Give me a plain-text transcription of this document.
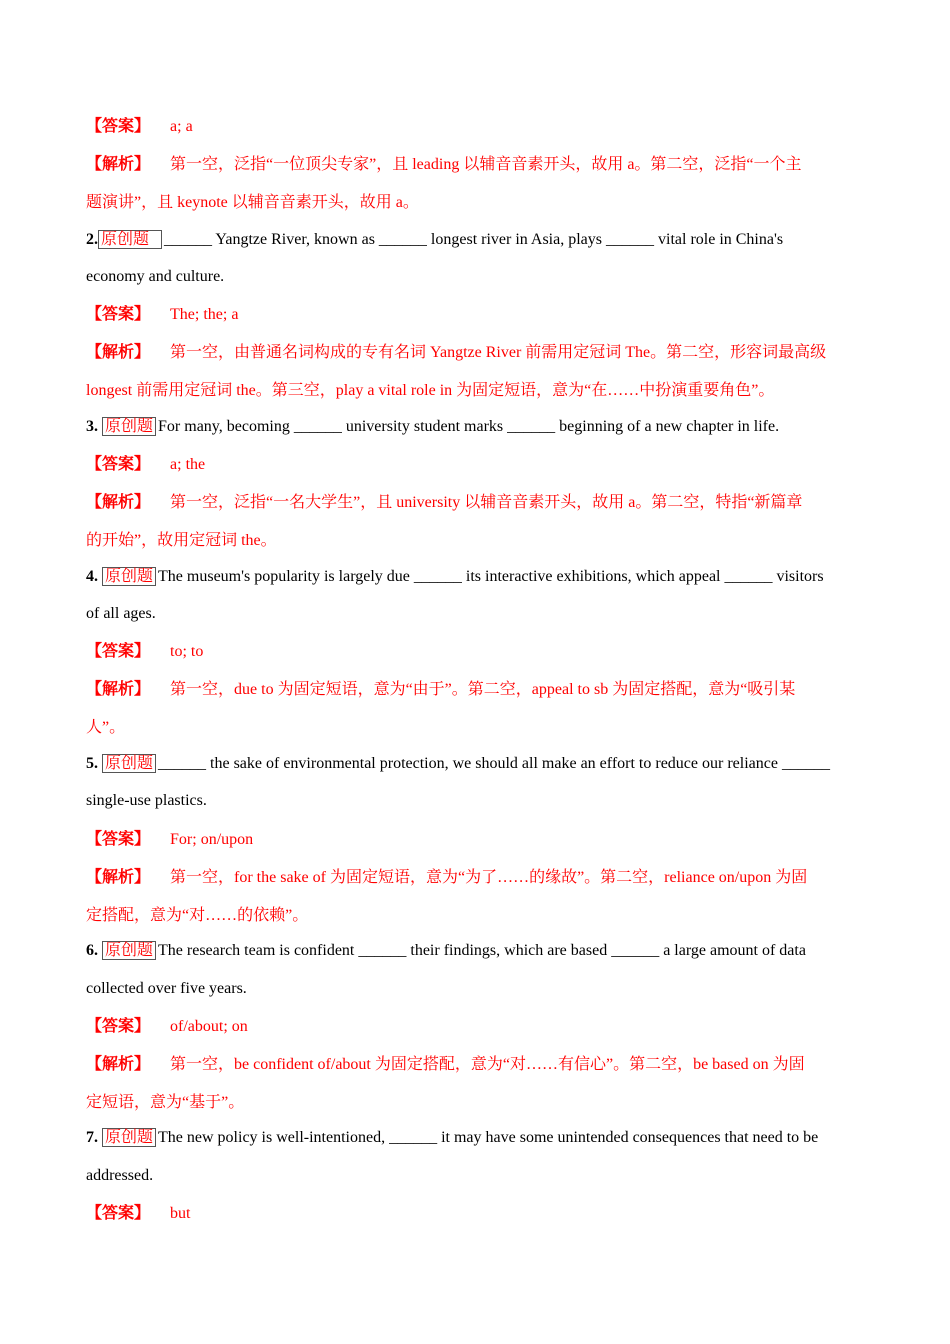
【答案】 a; a
【解析】 第一空，泛指“一位顶尖专家”，且 leading 以辅音音素开头，故用 a。第二空，泛指“一个主
题演讲”，且 keynote 以辅音音素开头，故用 a。
2. 原创题 ______ Yangtze River, known as ______ longest river in Asia, plays ______ vital role in China's
economy and culture.
【答案】 The; the; a
【解析】 第一空，由普通名词构成的专有名词 Yangtze River 前需用定冠词 The。第二空，形容词最高级
longest 前需用定冠词 the。第三空，play a vital role in 为固定短语，意为“在……中扮演重要角色”。
3. 原创题 For many, becoming ______ university student marks ______ beginning of a new chapter in life.
【答案】 a; the
【解析】 第一空，泛指“一名大学生”，且 university 以辅音音素开头，故用 a。第二空，特指“新篇章
的开始”，故用定冠词 the。
4. 原创题 The museum's popularity is largely due ______ its interactive exhibitions, which appeal ______ visitors
of all ages.
【答案】 to; to
【解析】 第一空，due to 为固定短语，意为“由于”。第二空，appeal to sb 为固定搭配，意为“吸引某
人”。
5. 原创题 ______ the sake of environmental protection, we should all make an effort to reduce our reliance ______
single-use plastics.
【答案】 For; on/upon
【解析】 第一空，for the sake of 为固定短语，意为“为了……的缘故”。第二空，reliance on/upon 为固
定搭配，意为“对……的依赖”。
6. 原创题 The research team is confident ______ their findings, which are based ______ a large amount of data
collected over five years.
【答案】 of/about; on
【解析】 第一空，be confident of/about 为固定搭配，意为“对……有信心”。第二空，be based on 为固
定短语，意为“基于”。
7. 原创题 The new policy is well-intentioned, ______ it may have some unintended consequences that need to be
addressed.
【答案】 but
